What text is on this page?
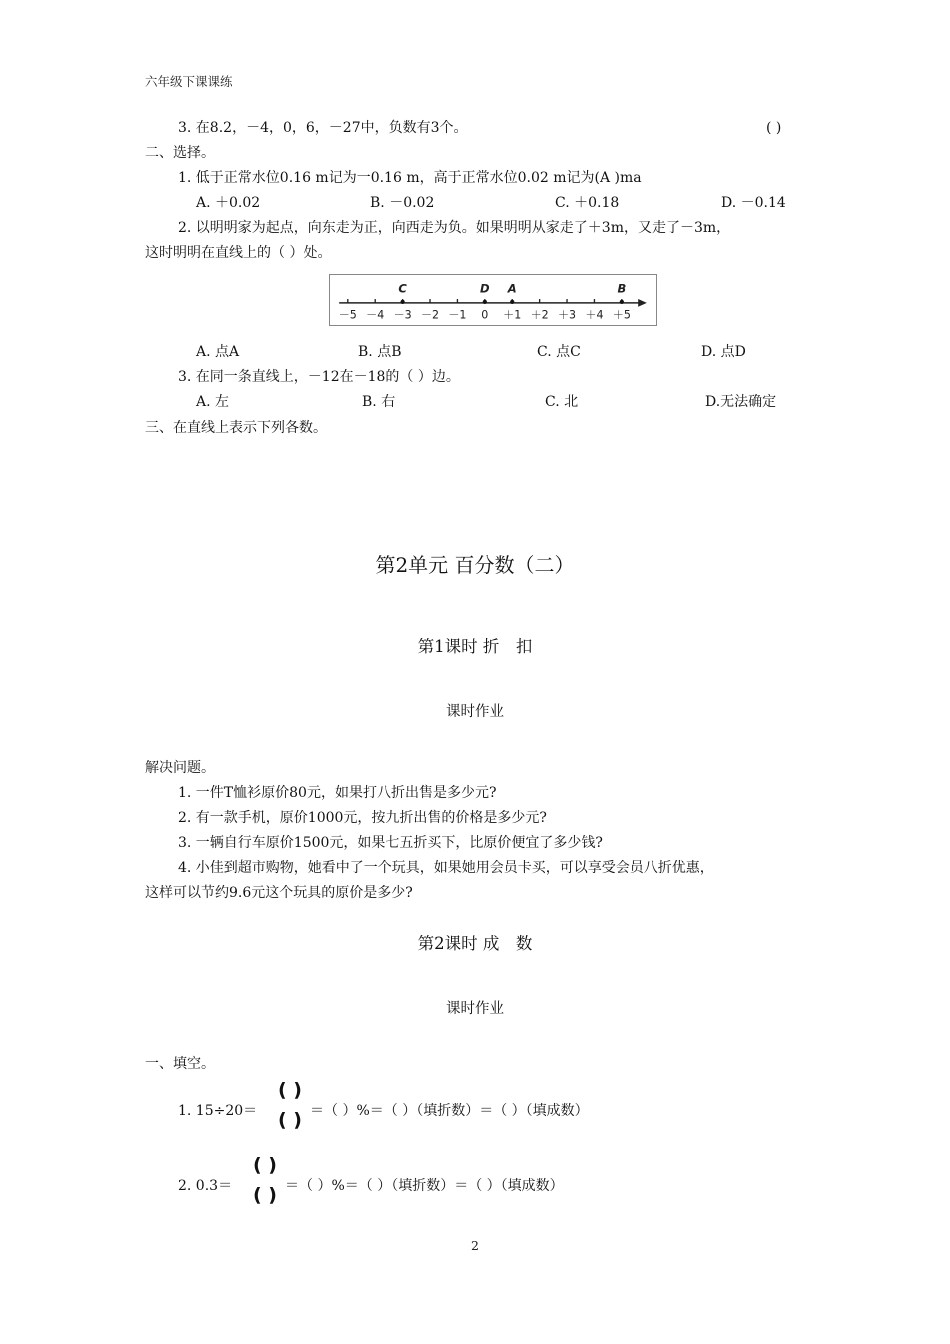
六年级下课课练
3. 在8.2，－4，0，6，－27中，负数有3个。	( )
二、选择。
1. 低于正常水位0.16 m记为一0.16 m，高于正常水位0.02 m记为(A )ma
A. ＋0.02	B. －0.02	C. ＋0.18	D. －0.14
2. 以明明家为起点，向东走为正，向西走为负。如果明明从家走了＋3m，又走了－3m，
这时明明在直线上的（ ）处。
－5 －4 －3 －2 －1 0 ＋1 ＋2 ＋3 ＋4 ＋5
C	D A	B
A. 点A	B. 点B	C. 点C	D. 点D
3. 在同一条直线上，－12在－18的（ ）边。
A. 左	B. 右	C. 北	D.无法确定
三、在直线上表示下列各数。
第2单元 百分数（二）
第1课时 折　扣
课时作业
解决问题。
1. 一件T恤衫原价80元，如果打八折出售是多少元?
2. 有一款手机，原价1000元，按九折出售的价格是多少元?
3. 一辆自行车原价1500元，如果七五折买下，比原价便宜了多少钱?
4. 小佳到超市购物，她看中了一个玩具，如果她用会员卡买，可以享受会员八折优惠，
这样可以节约9.6元这个玩具的原价是多少?
第2课时 成　数
课时作业
一、填空。
1. 15÷20＝
( )
( ) ＝（ ）%＝（ ）（填折数）＝（ ）（填成数）
2. 0.3＝
( )
( ) ＝（ ）%＝（ ）（填折数）＝（ ）（填成数）
2
